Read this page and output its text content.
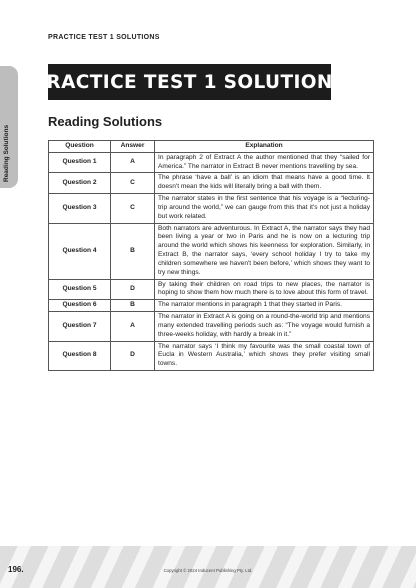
PRACTICE TEST 1 SOLUTIONS
Reading Solutions
PRACTICE TEST 1 SOLUTIONS
Reading Solutions
Question	Answer	Explanation
Question 1	A	In paragraph 2 of Extract A the author mentioned that they “sailed for America.” The narrator in Extract B never mentions travelling by sea.
Question 2	C	The phrase ‘have a ball’ is an idiom that means have a good time. It doesn't mean the kids will literally bring a ball with them.
Question 3	C	The narrator states in the first sentence that his voyage is a “lecturing-trip around the world,” we can gauge from this that it's not just a holiday but work related.
Question 4	B	Both narrators are adventurous. In Extract A, the narrator says they had been living a year or two in Paris and he is now on a lecturing trip around the world which shows his keenness for exploration. Similarly, in Extract B, the narrator says, ‘every school holiday I try to take my children somewhere we haven't been before,’ which shows they want to try new things.
Question 5	D	By taking their children on road trips to new places, the narrator is hoping to show them how much there is to love about this form of travel.
Question 6	B	The narrator mentions in paragraph 1 that they started in Paris.
Question 7	A	The narrator in Extract A is going on a round-the-world trip and mentions many extended travelling periods such as: “The voyage would furnish a three-weeks holiday, with hardly a break in it.”
Question 8	D	The narrator says ‘I think my favourite was the small coastal town of Eucla in Western Australia,’ which shows they prefer visiting small towns.
196.	Copyright © 2024 Inducent Publishing Pty. Ltd.
